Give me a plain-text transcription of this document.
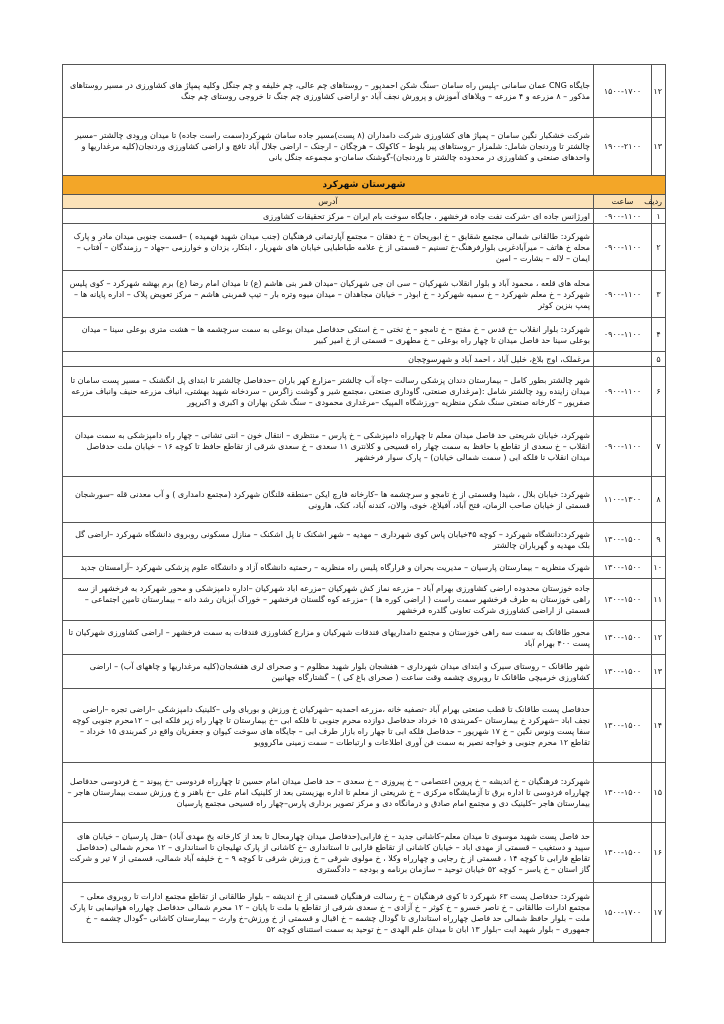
۱۲	۱۵۰۰-۱۷۰۰	جایگاه CNG عمان سامانی -پلیس راه سامان -سنگ شکن احمدپور – روستاهای چم عالی، چم خلیفه و چم جنگل وکلیه پمپاژ های کشاورزی در مسیر روستاهای مذکور – ۸ مزرعه و ۴ مزرعه – ویلاهای آموزش و پرورش نجف آباد -و اراضی کشاورزی چم جنگ تا خروجی روستای چم جنگ
۱۳	۱۹۰۰-۲۱۰۰	شرکت خشکبار نگین سامان – پمپاژ های کشاورزی شرکت دامداران (۸ پست)مسیر جاده سامان شهرکرد(سمت راست جاده) تا میدان ورودی چالشتر –مسیر چالشتر تا وردنجان شامل: شلمزار –روستاهای پیر بلوط – کاکولک – هرچگان – ارجنک – اراضی جلال آباد تافچ و اراضی کشاورزی وردنجان(کلیه مرغداریها و واحدهای صنعتی و کشاورزی در محدوده چالشتر تا وردنجان)-گوشنک سامان-و مجموعه جنگل بانی
شهرستان شهرکرد		
ردیف	ساعت	آدرس
۱	۰۹۰۰-۱۱۰۰	اورژانس جاده ای -شرکت نفت جاده فرخشهر ، جایگاه سوخت بام ایران – مرکز تحقیقات کشاورزی
۲	۰۹۰۰-۱۱۰۰	شهرکرد: طالقانی شمالی مجتمع شقایق – خ ابوریحان – خ دهقان – مجتمع آپارتمانی فرهنگیان (جنب میدان شهید فهمیده ) –قسمت جنوبی میدان مادر و پارک محله خ هاتف – میرآبادغربی بلوارفرهنگ-خ تسنیم – قسمتی از خ علامه طباطبایی خیابان های شهریار ، ابتکار، یزدان و خوارزمی –جهاد – رزمندگان – آفتاب – ایمان – لاله – بشارت – امین
۳	۰۹۰۰-۱۱۰۰	محله های قلعه ، محمود آباد و بلوار انقلاب شهرکیان – سی ان جی شهرکیان –میدان قمر بنی هاشم (ع) تا میدان امام رضا (ع) برم بهشه شهرکرد – کوی پلیس شهرکرد – خ معلم شهرکرد – خ سمیه شهرکرد – خ ابوذر – خیابان مجاهدان – میدان میوه وتره بار – تیپ قمربنی هاشم – مرکز تعویض پلاک – اداره پایانه ها – پمپ بنزین کوثر
۴	۰۹۰۰-۱۱۰۰	شهرکرد: بلوار انقلاب –خ قدس – خ مفتح – خ تامجو – خ تختی – خ استکی حدفاصل میدان بوعلی به سمت سرچشمه ها – هشت متری بوعلی سینا – میدان بوعلی سینا حد فاصل میدان تا چهار راه بوعلی – خ مطهری – قسمتی از خ امیر کبیر
۵		مرغملک، اوج بلاغ، خلیل آباد ، احمد آباد و شهرسوچجان
۶	۰۹۰۰-۱۱۰۰	شهر چالشتر بطور کامل – بیمارستان دندان پزشکی رسالت –چاه آب چالشتر –مزارع کهر باران –حدفاصل چالشتر تا ابتدای پل انگشنک – مسیر پست سامان تا میدان زاینده رود چالشتر شامل :(مرغداری صنعتی، گاوداری صنعتی ،مجتمع شیر و گوشت زاگرس – سردخانه شهید بهشتی، انباف مزرعه حنیف وانباف مزرعه صفریور – کارخانه صنعتی سنگ شکن منظریه –ورزشگاه المپیک –مرغداری محمودی – سنگ شکن بهاران و اکبری و اکبرپور
۷	۰۹۰۰-۱۱۰۰	شهرکرد، خیابان شریعتی حد فاصل میدان معلم تا چهارراه دامپزشکی – خ پارس – منتظری – انتقال خون – انتی تشانی – چهار راه دامپزشکی به سمت میدان انقلاب – خ سعدی از تقاطع با حافظ به سمت چهار راه قسیحی و کلانتری ۱۱ سعدی – خ سعدی شرقی از تقاطع حافظ تا کوچه ۱۶ – خیابان ملت حدفاصل میدان انقلاب تا فلکه ابی ( سمت شمالی خیابان) – پارک سوار فرخشهر
۸	۱۱۰۰-۱۳۰۰	شهرکرد: خیابان بلال ، شیدا وقسمتی از خ تامجو و سرچشمه ها –کارخانه فارچ ایکن –منطقه قلنگان شهرکرد (مجتمع دامداری ) و آب معدنی قله –سورشجان قسمتی از خیابان صاحب الزمان، فتح آباد، آفیلاغ، خوی، والان، کندنه آباد، کنک، هارونی
۹	۱۳۰۰-۱۵۰۰	شهرکرد:دانشگاه شهرکرد – کوچه ۴۵خیابان پاس کوی شهرداری – مهدیه – شهر اشکنک تا پل اشکنک – منازل مسکونی روبروی دانشگاه شهرکرد –اراضی گل بلک مهدیه و گهرباران چالشتر
۱۰	۱۳۰۰-۱۵۰۰	شهرک منظریه – بیمارستان پارسیان – مدیریت بحران و قرارگاه پلیس راه منظریه – رحمتیه دانشگاه آزاد و دانشگاه علوم پزشکی شهرکرد –آرامستان جدید
۱۱	۱۳۰۰-۱۵۰۰	جاده خوزستان محدوده اراضی کشاورزی بهرام آباد – مزرعه نماز کش شهرکیان –مزرعه اباد شهرکیان –اداره دامپزشکی و محور شهرکرد به فرخشهر از سه راهی خوزستان به طرف فرخشهر سمت راست ( اراضی کوره ها ) –مزرعه کوه گلستان فرخشهر – خوراک آبزیان رشد دانه – بیمارستان تامین اجتماعی – قسمتی از اراضی کشاورزی شرکت تعاونی گلدره فرخشهر
۱۲	۱۳۰۰-۱۵۰۰	محور طاقانک به سمت سه راهی خوزستان و مجتمع دامداریهای فندقات شهرکیان و مزارع کشاورزی فندقات به سمت فرخشهر – اراضی کشاورزی شهرکیان تا پست ۴۰۰ بهرام آباد
۱۳	۱۳۰۰-۱۵۰۰	شهر طاقانک – روستای سیرک و ابتدای میدان شهرداری – هفشجان بلوار شهید مظلوم – و صحرای لری هفشجان(کلیه مرغداریها و چاههای آب) – اراضی کشاورزی خرمیچی طاقانک تا روبروی چشمه وقت ساعت ( صحرای باغ کی ) – گشتارگاه جهانبین
۱۴	۱۳۰۰-۱۵۰۰	حدفاصل پست طاقانک تا قطب صنعتی بهرام آباد -تصفیه خانه ،مزرعه احمدیه –شهرکیان خ ورزش و بوربای ولی –کلینیک دامپزشکی –اراضی تجره –اراضی نجف اباد –شهرکرد خ بیمارستان –کمربندی ۱۵ خرداد حدفاصل دوازده محرم جنوبی تا فلکه ابی –خ بیمارستان تا چهار راه زیر فلکه ابی – ۱۲محرم جنوبی کوچه سفا پست ونوس نگین – خ ۱۷ شهریور – حدفاصل فلکه ابی تا جهار راه بازار طرف ابی – جایگاه های سوخت کیوان و جعفریان واقع در کمربندی ۱۵ خرداد – تقاطع ۱۲ محرم جنوبی و خواجه نصیر به سمت فن آوری اطلاعات و ارتباطات – سمت زمینی ماکروویو
۱۵	۱۳۰۰-۱۵۰۰	شهرکرد: فرهنگیان – خ اندیشه – خ پروین اعتصامی – خ پیروزی – خ سعدی – حد فاصل میدان امام حسین تا چهارراه فردوسی –خ پیوند – خ فردوسی حدفاصل چهارراه فردوسی تا اداره برق تا آزمایشگاه مرکزی – خ شریعتی از معلم تا اداره بهزیستی بعد از کلینیک امام علی –خ باهنر و خ ورزش سمت بیمارستان هاجر –بیمارستان هاجر –کلینیک دی و مجتمع امام صادق و درمانگاه دی و مرکز تصویر برداری پارس–چهار راه قسیحی مجتمع پارسیان
۱۶	۱۳۰۰-۱۵۰۰	حد فاصل پست شهید موسوی تا میدان معلم–کاشانی جدید – خ فارابی(حدفاصل میدان چهارمحال تا بعد از کارخانه یخ مهدی آباد) –هتل پارسیان – خیابان های سپید و دستغیب – قسمتی از مهدی اباد – خیابان کاشانی از تقاطع فارابی تا استانداری –خ کاشانی از پارک تهلیجان تا استانداری – ۱۲ محرم شمالی (حدفاصل تقاطع فارابی تا کوچه ۱۴ ، قسمتی از خ رجایی و چهارراه وکلا ، خ مولوی شرقی – خ ورزش شرقی تا کوچه ۹ – خ خلیفه آباد شمالی، قسمتی از ۷ تیر و شرکت گاز استان – خ یاسر – کوچه ۵۲ خیابان توحید – سازمان برنامه و بودجه – دادگستری
۱۷	۱۵۰۰-۱۷۰۰	شهرکرد: حدفاصل پست ۶۳ شهرکرد تا کوی فرهنگیان – خ رسالت فرهنگیان قسمتی از خ اندیشه – بلوار طالقانی از تقاطع مجتمع ادارات تا روبروی معلی – مجتمع ادارات طالقانی – خ ناصر خسرو – خ کوثر – خ آزادی – خ سعدی شرقی از تقاطع با ملت تا پایان – ۱۲ محرم شمالی حدفاصل چهارراه هوانیمایی تا پارک ملت – بلوار حافظ شمالی حد فاصل چهارراه استانداری تا گودال چشمه – خ اقبال و قسمتی از خ ورزش–خ وارث – بیمارستان کاشانی –گودال چشمه – خ جمهوری – بلوار شهید ابت –بلوار ۱۳ ابان تا میدان علم الهدی – خ توحید به سمت استتنای کوچه ۵۲
